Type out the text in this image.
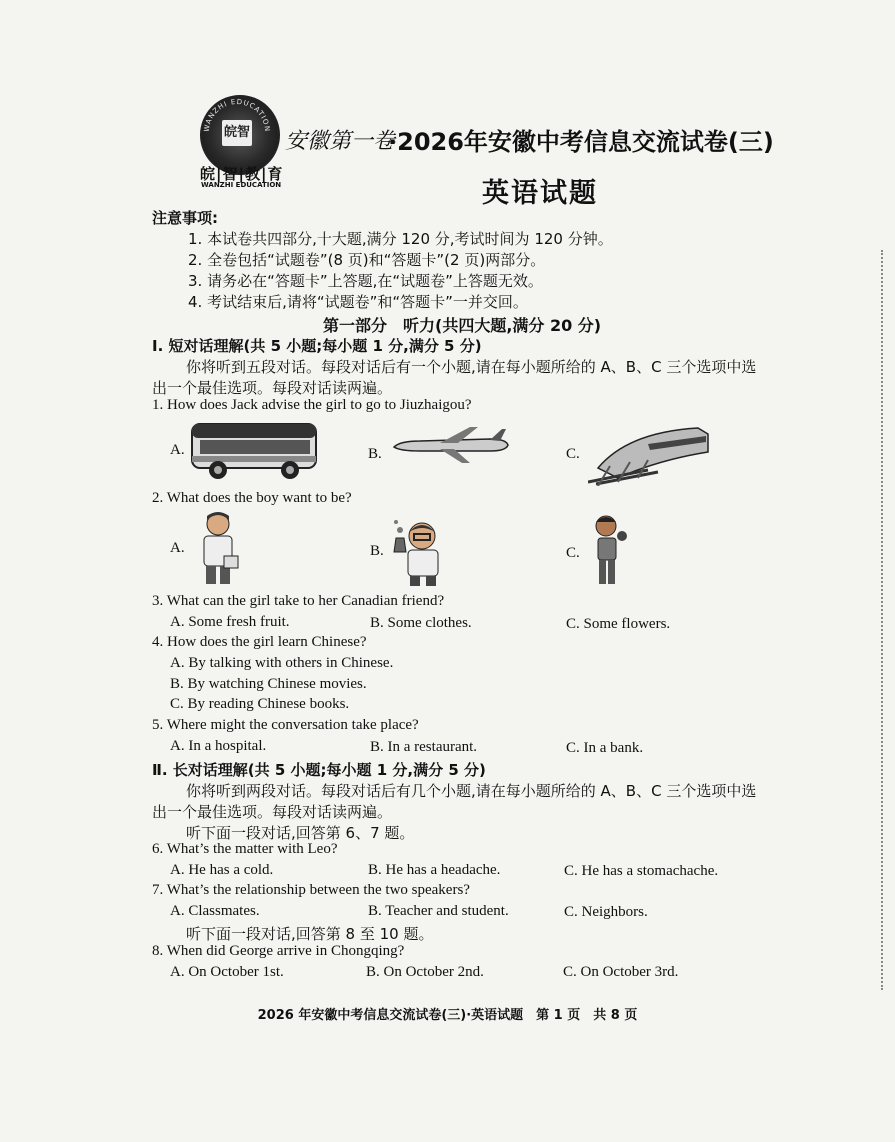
WANZHI EDUCATION
皖智
皖|智|教|育
WANZHI EDUCATION
安徽第一卷
·2026年安徽中考信息交流试卷(三)
英语试题
注意事项:
1. 本试卷共四部分,十大题,满分 120 分,考试时间为 120 分钟。
2. 全卷包括“试题卷”(8 页)和“答题卡”(2 页)两部分。
3. 请务必在“答题卡”上答题,在“试题卷”上答题无效。
4. 考试结束后,请将“试题卷”和“答题卡”一并交回。
第一部分　听力(共四大题,满分 20 分)
Ⅰ. 短对话理解(共 5 小题;每小题 1 分,满分 5 分)
你将听到五段对话。每段对话后有一个小题,请在每小题所给的 A、B、C 三个选项中选
出一个最佳选项。每段对话读两遍。
1. How does Jack advise the girl to go to Jiuzhaigou?
A.	B.	C.
2. What does the boy want to be?
A.	B.	C.
3. What can the girl take to her Canadian friend?
A. Some fresh fruit.	B. Some clothes.	C. Some flowers.
4. How does the girl learn Chinese?
A. By talking with others in Chinese.
B. By watching Chinese movies.
C. By reading Chinese books.
5. Where might the conversation take place?
A. In a hospital.	B. In a restaurant.	C. In a bank.
Ⅱ. 长对话理解(共 5 小题;每小题 1 分,满分 5 分)
你将听到两段对话。每段对话后有几个小题,请在每小题所给的 A、B、C 三个选项中选
出一个最佳选项。每段对话读两遍。
听下面一段对话,回答第 6、7 题。
6. What’s the matter with Leo?
A. He has a cold.	B. He has a headache.	C. He has a stomachache.
7. What’s the relationship between the two speakers?
A. Classmates.	B. Teacher and student.	C. Neighbors.
听下面一段对话,回答第 8 至 10 题。
8. When did George arrive in Chongqing?
A. On October 1st.	B. On October 2nd.	C. On October 3rd.
2026 年安徽中考信息交流试卷(三)·英语试题　第 1 页　共 8 页
